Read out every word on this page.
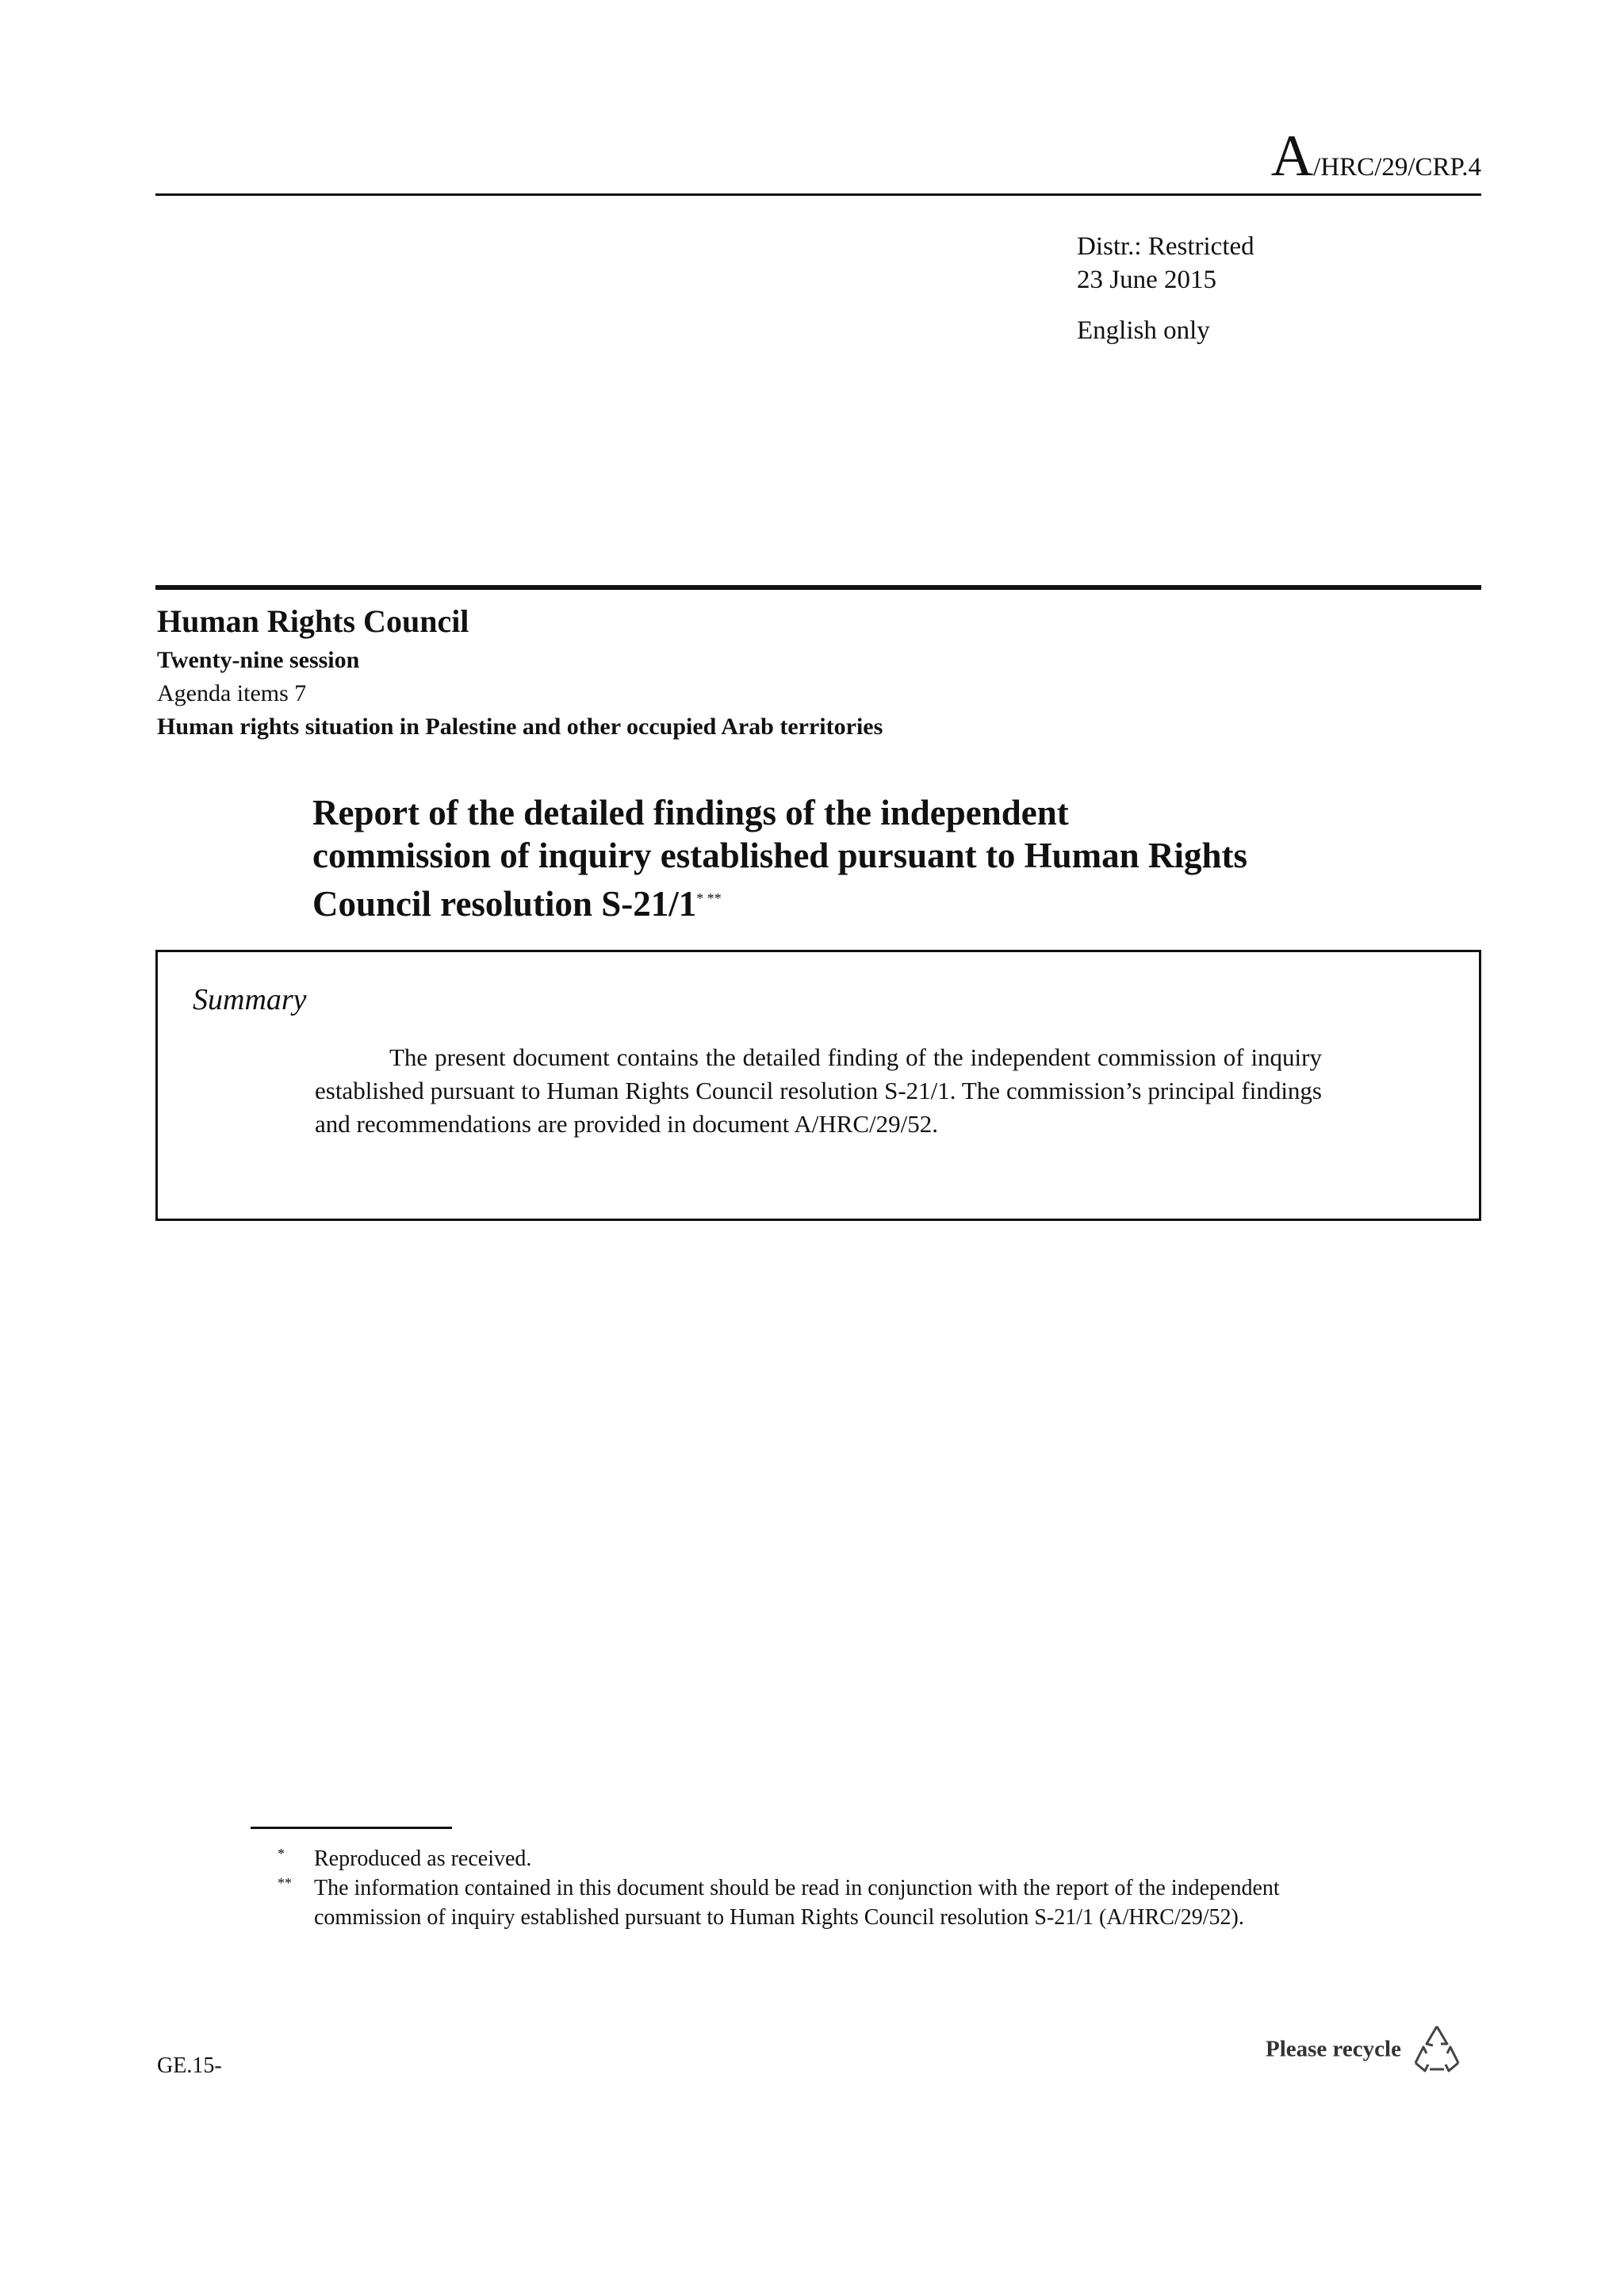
A/HRC/29/CRP.4
Distr.: Restricted
23 June 2015
English only
Human Rights Council
Twenty-nine session
Agenda items 7
Human rights situation in Palestine and other occupied Arab territories
Report of the detailed findings of the independent
commission of inquiry established pursuant to Human Rights
Council resolution S-21/1* **
Summary
The present document contains the detailed finding of the independent commission of inquiry established pursuant to Human Rights Council resolution S-21/1. The commission’s principal findings and recommendations are provided in document A/HRC/29/52.
* Reproduced as received.
** The information contained in this document should be read in conjunction with the report of the independent commission of inquiry established pursuant to Human Rights Council resolution S-21/1 (A/HRC/29/52).
GE.15-
Please recycle
